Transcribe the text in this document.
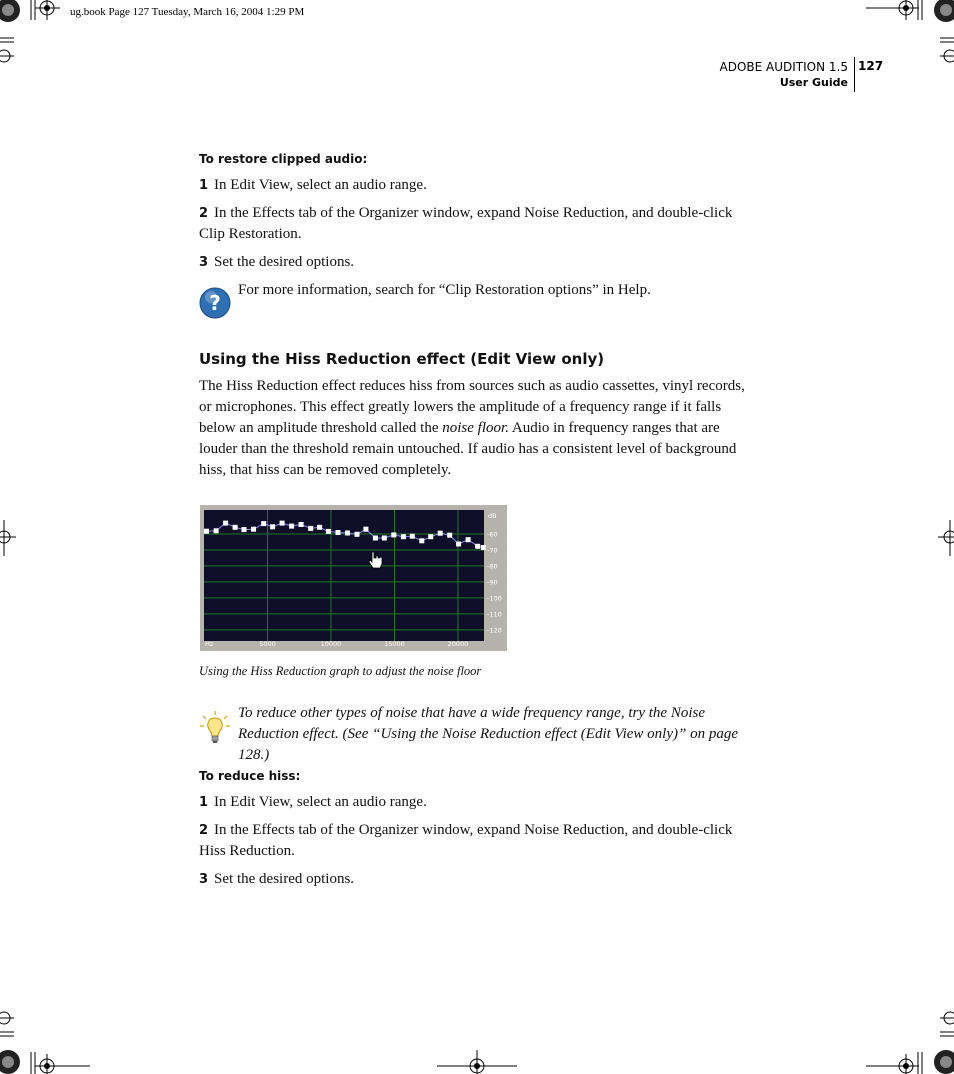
ug.book Page 127 Tuesday, March 16, 2004 1:29 PM
ADOBE AUDITION 1.5
User Guide
127
To restore clipped audio:
1 In Edit View, select an audio range.
2 In the Effects tab of the Organizer window, expand Noise Reduction, and double-click Clip Restoration.
3 Set the desired options.
?
For more information, search for “Clip Restoration options” in Help.
Using the Hiss Reduction effect (Edit View only)
The Hiss Reduction effect reduces hiss from sources such as audio cassettes, vinyl records, or microphones. This effect greatly lowers the amplitude of a frequency range if it falls below an amplitude threshold called the noise floor. Audio in frequency ranges that are louder than the threshold remain untouched. If audio has a consistent level of background hiss, that hiss can be removed completely.
5000	10000	15000	20000
-60
-70
-80
-90
-100
-110
-120
Hz
dB
Using the Hiss Reduction graph to adjust the noise floor
To reduce other types of noise that have a wide frequency range, try the Noise Reduction effect. (See “Using the Noise Reduction effect (Edit View only)” on page 128.)
To reduce hiss:
1 In Edit View, select an audio range.
2 In the Effects tab of the Organizer window, expand Noise Reduction, and double-click Hiss Reduction.
3 Set the desired options.
